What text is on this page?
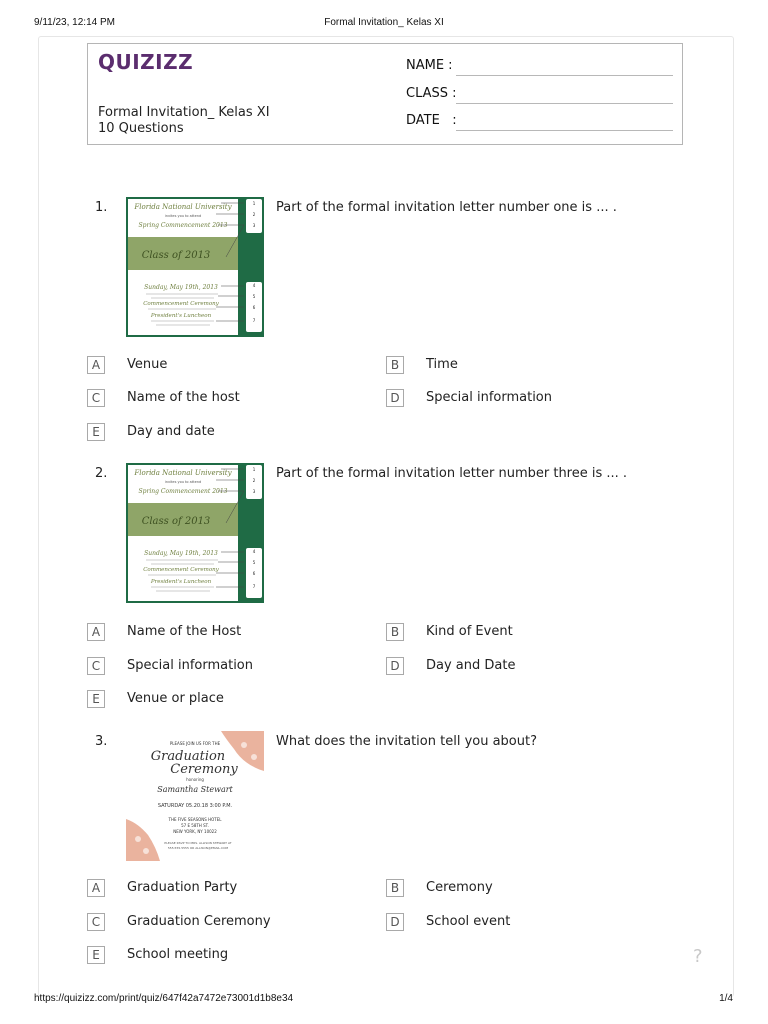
9/11/23, 12:14 PM	Formal Invitation_ Kelas XI
QUIZIZZ
Formal Invitation_ Kelas XI
10 Questions
NAME :
CLASS :
DATE   :
1.	Florida National University
invites you to attend
Spring Commencement 2013
Class of 2013
Sunday, May 19th, 2013
Commencement Ceremony
President's Luncheon
1
2
3
4
5
6
7
Part of the formal invitation letter number one is ... .
A	Venue	B	Time
C	Name of the host	D	Special information
E	Day and date
2.	Florida National University
invites you to attend
Spring Commencement 2013
Class of 2013
Sunday, May 19th, 2013
Commencement Ceremony
President's Luncheon
1
2
3
4
5
6
7
Part of the formal invitation letter number three is ... .
A	Name of the Host	B	Kind of Event
C	Special information	D	Day and Date
E	Venue or place
3.	PLEASE JOIN US FOR THE
Graduation
Ceremony
honoring
Samantha Stewart
SATURDAY 05.20.18 3:00 P.M.
THE FIVE SEASONS HOTEL
57 E 58TH ST.
NEW YORK, NY 10022
PLEASE RSVP TO MRS. ALLISON STEWART AT
555.555.5555 OR ALLISON@EMAIL.COM
What does the invitation tell you about?
A	Graduation Party	B	Ceremony
C	Graduation Ceremony	D	School event
E	School meeting	?
https://quizizz.com/print/quiz/647f42a7472e73001d1b8e34	1/4
